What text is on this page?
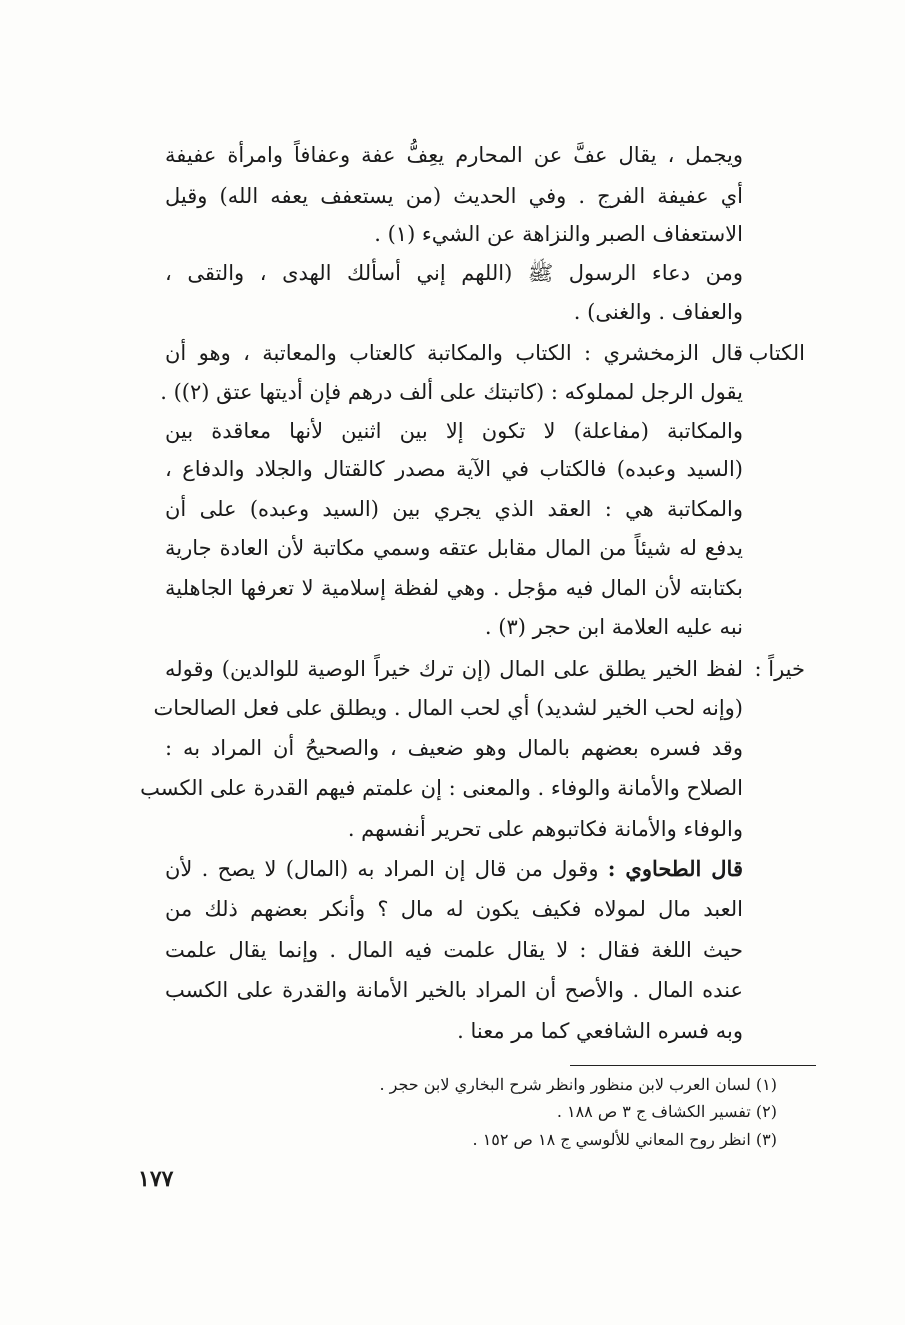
ويجمل ، يقال عفَّ عن المحارم يعِفُّ عفة وعفافاً وامرأة عفيفة
أي عفيفة الفرج . وفي الحديث (من يستعفف يعفه الله) وقيل
الاستعفاف الصبر والنزاهة عن الشيء (١) .
ومن دعاء الرسول ﷺ (اللهم إني أسألك الهدى ، والتقى ،
والعفاف . والغنى) .
الكتاب :
قال الزمخشري : الكتاب والمكاتبة كالعتاب والمعاتبة ، وهو أن
يقول الرجل لمملوكه : (كاتبتك على ألف درهم فإن أديتها عتق (٢)) .
والمكاتبة (مفاعلة) لا تكون إلا بين اثنين لأنها معاقدة بين
(السيد وعبده) فالكتاب في الآية مصدر كالقتال والجلاد والدفاع ،
والمكاتبة هي : العقد الذي يجري بين (السيد وعبده) على أن
يدفع له شيئاً من المال مقابل عتقه وسمي مكاتبة لأن العادة جارية
بكتابته لأن المال فيه مؤجل . وهي لفظة إسلامية لا تعرفها الجاهلية
نبه عليه العلامة ابن حجر (٣) .
خيراً :
لفظ الخير يطلق على المال (إن ترك خيراً الوصية للوالدين) وقوله
(وإنه لحب الخير لشديد) أي لحب المال . ويطلق على فعل الصالحات
وقد فسره بعضهم بالمال وهو ضعيف ، والصحيحُ أن المراد به :
الصلاح والأمانة والوفاء . والمعنى : إن علمتم فيهم القدرة على الكسب
والوفاء والأمانة فكاتبوهم على تحرير أنفسهم .
قال الطحاوي : وقول من قال إن المراد به (المال) لا يصح . لأن
العبد مال لمولاه فكيف يكون له مال ؟ وأنكر بعضهم ذلك من
حيث اللغة فقال : لا يقال علمت فيه المال . وإنما يقال علمت
عنده المال . والأصح أن المراد بالخير الأمانة والقدرة على الكسب
وبه فسره الشافعي كما مر معنا .
(١) لسان العرب لابن منظور وانظر شرح البخاري لابن حجر .
(٢) تفسير الكشاف ج ٣ ص ١٨٨ .
(٣) انظر روح المعاني للألوسي ج ١٨ ص ١٥٢ .
١٧٧
